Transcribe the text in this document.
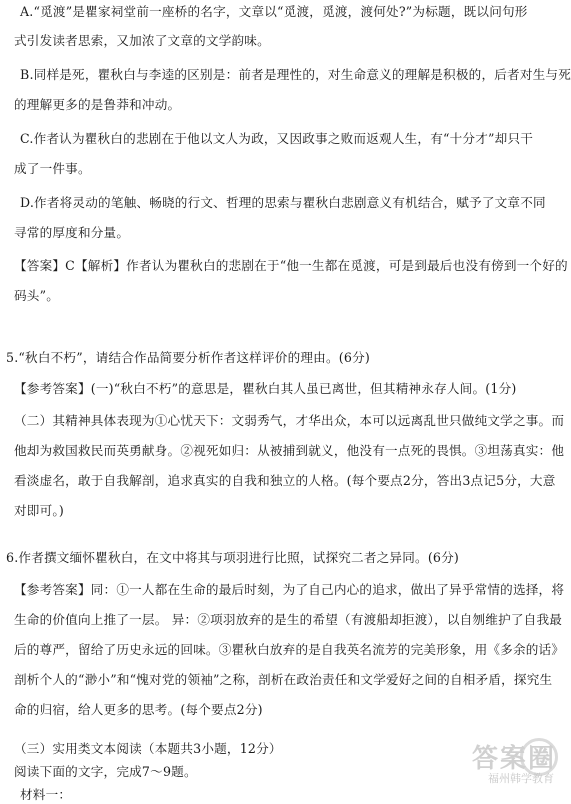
A.“觅渡”是瞿家祠堂前一座桥的名字，文章以“觅渡，觅渡，渡何处?”为标题，既以问句形
式引发读者思索，又加浓了文章的文学韵味。
B.同样是死，瞿秋白与李逵的区别是：前者是理性的，对生命意义的理解是积极的，后者对生与死
的理解更多的是鲁莽和冲动。
C.作者认为瞿秋白的悲剧在于他以文人为政，又因政事之败而返观人生，有“十分才”却只干
成了一件事。
D.作者将灵动的笔触、畅晓的行文、哲理的思索与瞿秋白悲剧意义有机结合，赋予了文章不同
寻常的厚度和分量。
【答案】C【解析】作者认为瞿秋白的悲剧在于“他一生都在觅渡，可是到最后也没有傍到一个好的
码头”。
5.“秋白不朽”，请结合作品简要分析作者这样评价的理由。(6分)
【参考答案】(一)“秋白不朽”的意思是，瞿秋白其人虽已离世，但其精神永存人间。(1分)
（二）其精神具体表现为①心忧天下：文弱秀气，才华出众，本可以远离乱世只做纯文学之事。而
他却为救国救民而英勇献身。②视死如归：从被捕到就义，他没有一点死的畏惧。③坦荡真实：他
看淡虚名，敢于自我解剖，追求真实的自我和独立的人格。(每个要点2分，答出3点记5分，大意
对即可。)
6.作者撰文缅怀瞿秋白，在文中将其与项羽进行比照，试探究二者之异同。(6分)
【参考答案】同：①一人都在生命的最后时刻，为了自己内心的追求，做出了异乎常情的选择，将
生命的价值向上推了一层。 异：②项羽放弃的是生的希望（有渡船却拒渡），以自刎维护了自我最
后的尊严，留给了历史永远的回味。③瞿秋白放弃的是自我英名流芳的完美形象，用《多余的话》
剖析个人的“渺小”和“愧对党的领袖”之称，剖析在政治责任和文学爱好之间的自相矛盾，探究生
命的归宿，给人更多的思考。(每个要点2分)
（三）实用类文本阅读（本题共3小题，12分）
阅读下面的文字，完成7～9题。
材料一：
答案圈
福州韩学教育
